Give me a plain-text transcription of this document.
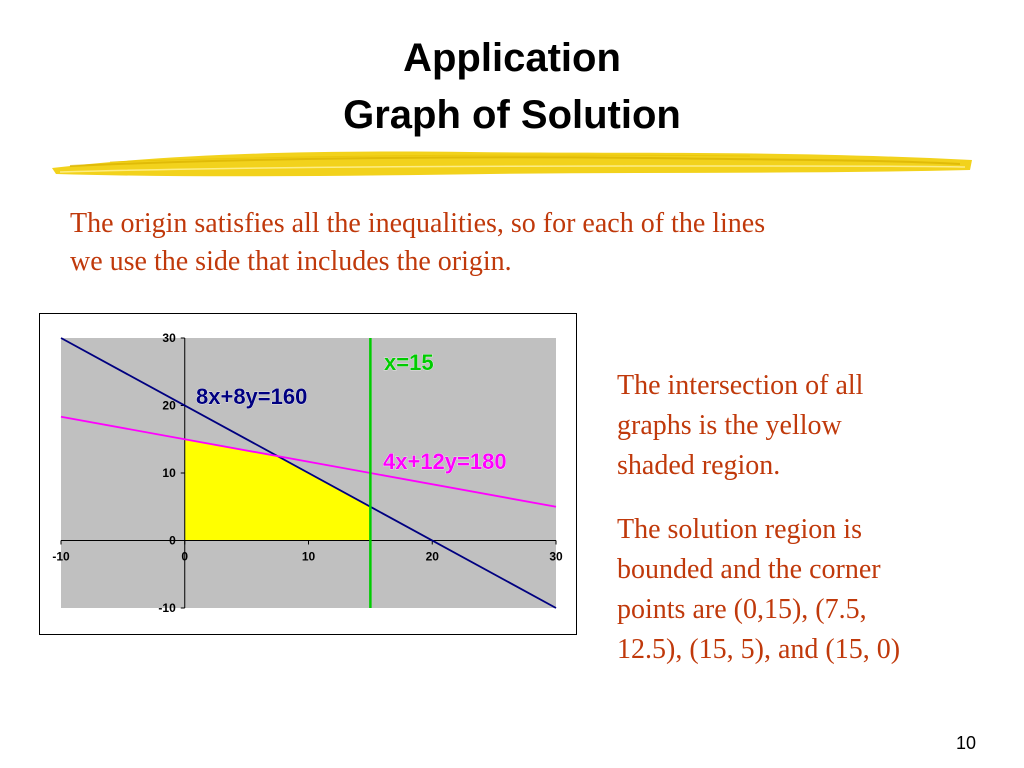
Application
Graph of Solution
The origin satisfies all the inequalities, so for each of the lines
we use the side that includes the origin.
-10	0	10	20	30
30
20
10
0
-10
8x+8y=160
4x+12y=180
x=15
The intersection of all
graphs is the yellow
shaded region.
The solution region is
bounded and the corner
points are (0,15), (7.5,
12.5), (15, 5), and (15, 0)
10
